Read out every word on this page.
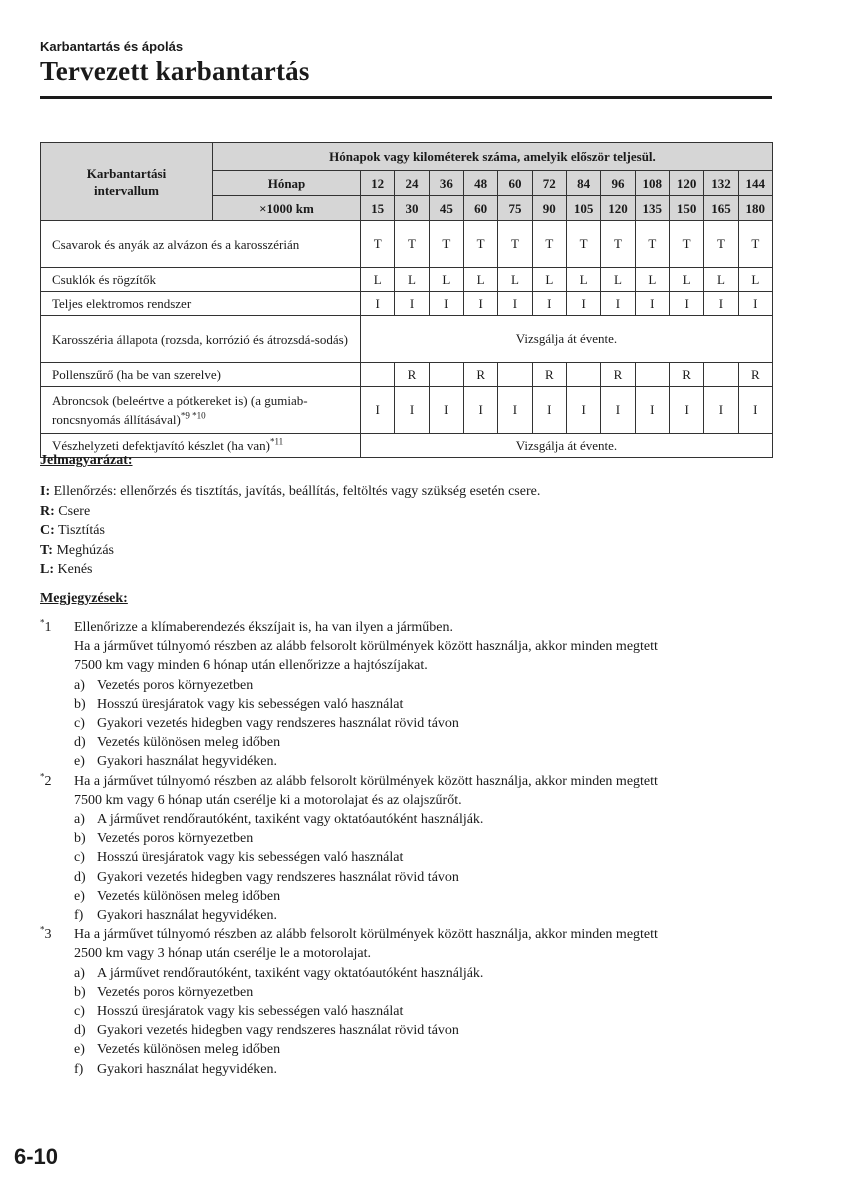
Karbantartás és ápolás
Tervezett karbantartás
Karbantartási intervallum	Hónapok vagy kilométerek száma, amelyik először teljesül.												
	Hónap	12	24	36	48	60	72	84	96	108	120	132	144
	×1000 km	15	30	45	60	75	90	105	120	135	150	165	180
Csavarok és anyák az alvázon és a karosszérián		T	T	T	T	T	T	T	T	T	T	T	T
Csuklók és rögzítők		L	L	L	L	L	L	L	L	L	L	L	L
Teljes elektromos rendszer		I	I	I	I	I	I	I	I	I	I	I	I
Karosszéria állapota (rozsda, korrózió és átrozsdá-sodás)		Vizsgálja át évente.											
Pollenszűrő (ha be van szerelve)			R		R		R		R		R		R
Abroncsok (beleértve a pótkereket is) (a gumiab-roncsnyomás állításával)$^{*9 *10}$		I	I	I	I	I	I	I	I	I	I	I	I
Vészhelyzeti defektjavító készlet (ha van)$^{*11}$		Vizsgálja át évente.											
Jelmagyarázat:
I: Ellenőrzés: ellenőrzés és tisztítás, javítás, beállítás, feltöltés vagy szükség esetén csere.
R: Csere
C: Tisztítás
T: Meghúzás
L: Kenés
Megjegyzések:
*1 Ellenőrizze a klímaberendezés ékszíjait is, ha van ilyen a járműben.
Ha a járművet túlnyomó részben az alább felsorolt körülmények között használja, akkor minden megtett
7500 km vagy minden 6 hónap után ellenőrizze a hajtószíjakat.
a) Vezetés poros környezetben
b) Hosszú üresjáratok vagy kis sebességen való használat
c) Gyakori vezetés hidegben vagy rendszeres használat rövid távon
d) Vezetés különösen meleg időben
e) Gyakori használat hegyvidéken.
*2 Ha a járművet túlnyomó részben az alább felsorolt körülmények között használja, akkor minden megtett
7500 km vagy 6 hónap után cserélje ki a motorolajat és az olajszűrőt.
a) A járművet rendőrautóként, taxiként vagy oktatóautóként használják.
b) Vezetés poros környezetben
c) Hosszú üresjáratok vagy kis sebességen való használat
d) Gyakori vezetés hidegben vagy rendszeres használat rövid távon
e) Vezetés különösen meleg időben
f) Gyakori használat hegyvidéken.
*3 Ha a járművet túlnyomó részben az alább felsorolt körülmények között használja, akkor minden megtett
2500 km vagy 3 hónap után cserélje le a motorolajat.
a) A járművet rendőrautóként, taxiként vagy oktatóautóként használják.
b) Vezetés poros környezetben
c) Hosszú üresjáratok vagy kis sebességen való használat
d) Gyakori vezetés hidegben vagy rendszeres használat rövid távon
e) Vezetés különösen meleg időben
f) Gyakori használat hegyvidéken.
6-10
